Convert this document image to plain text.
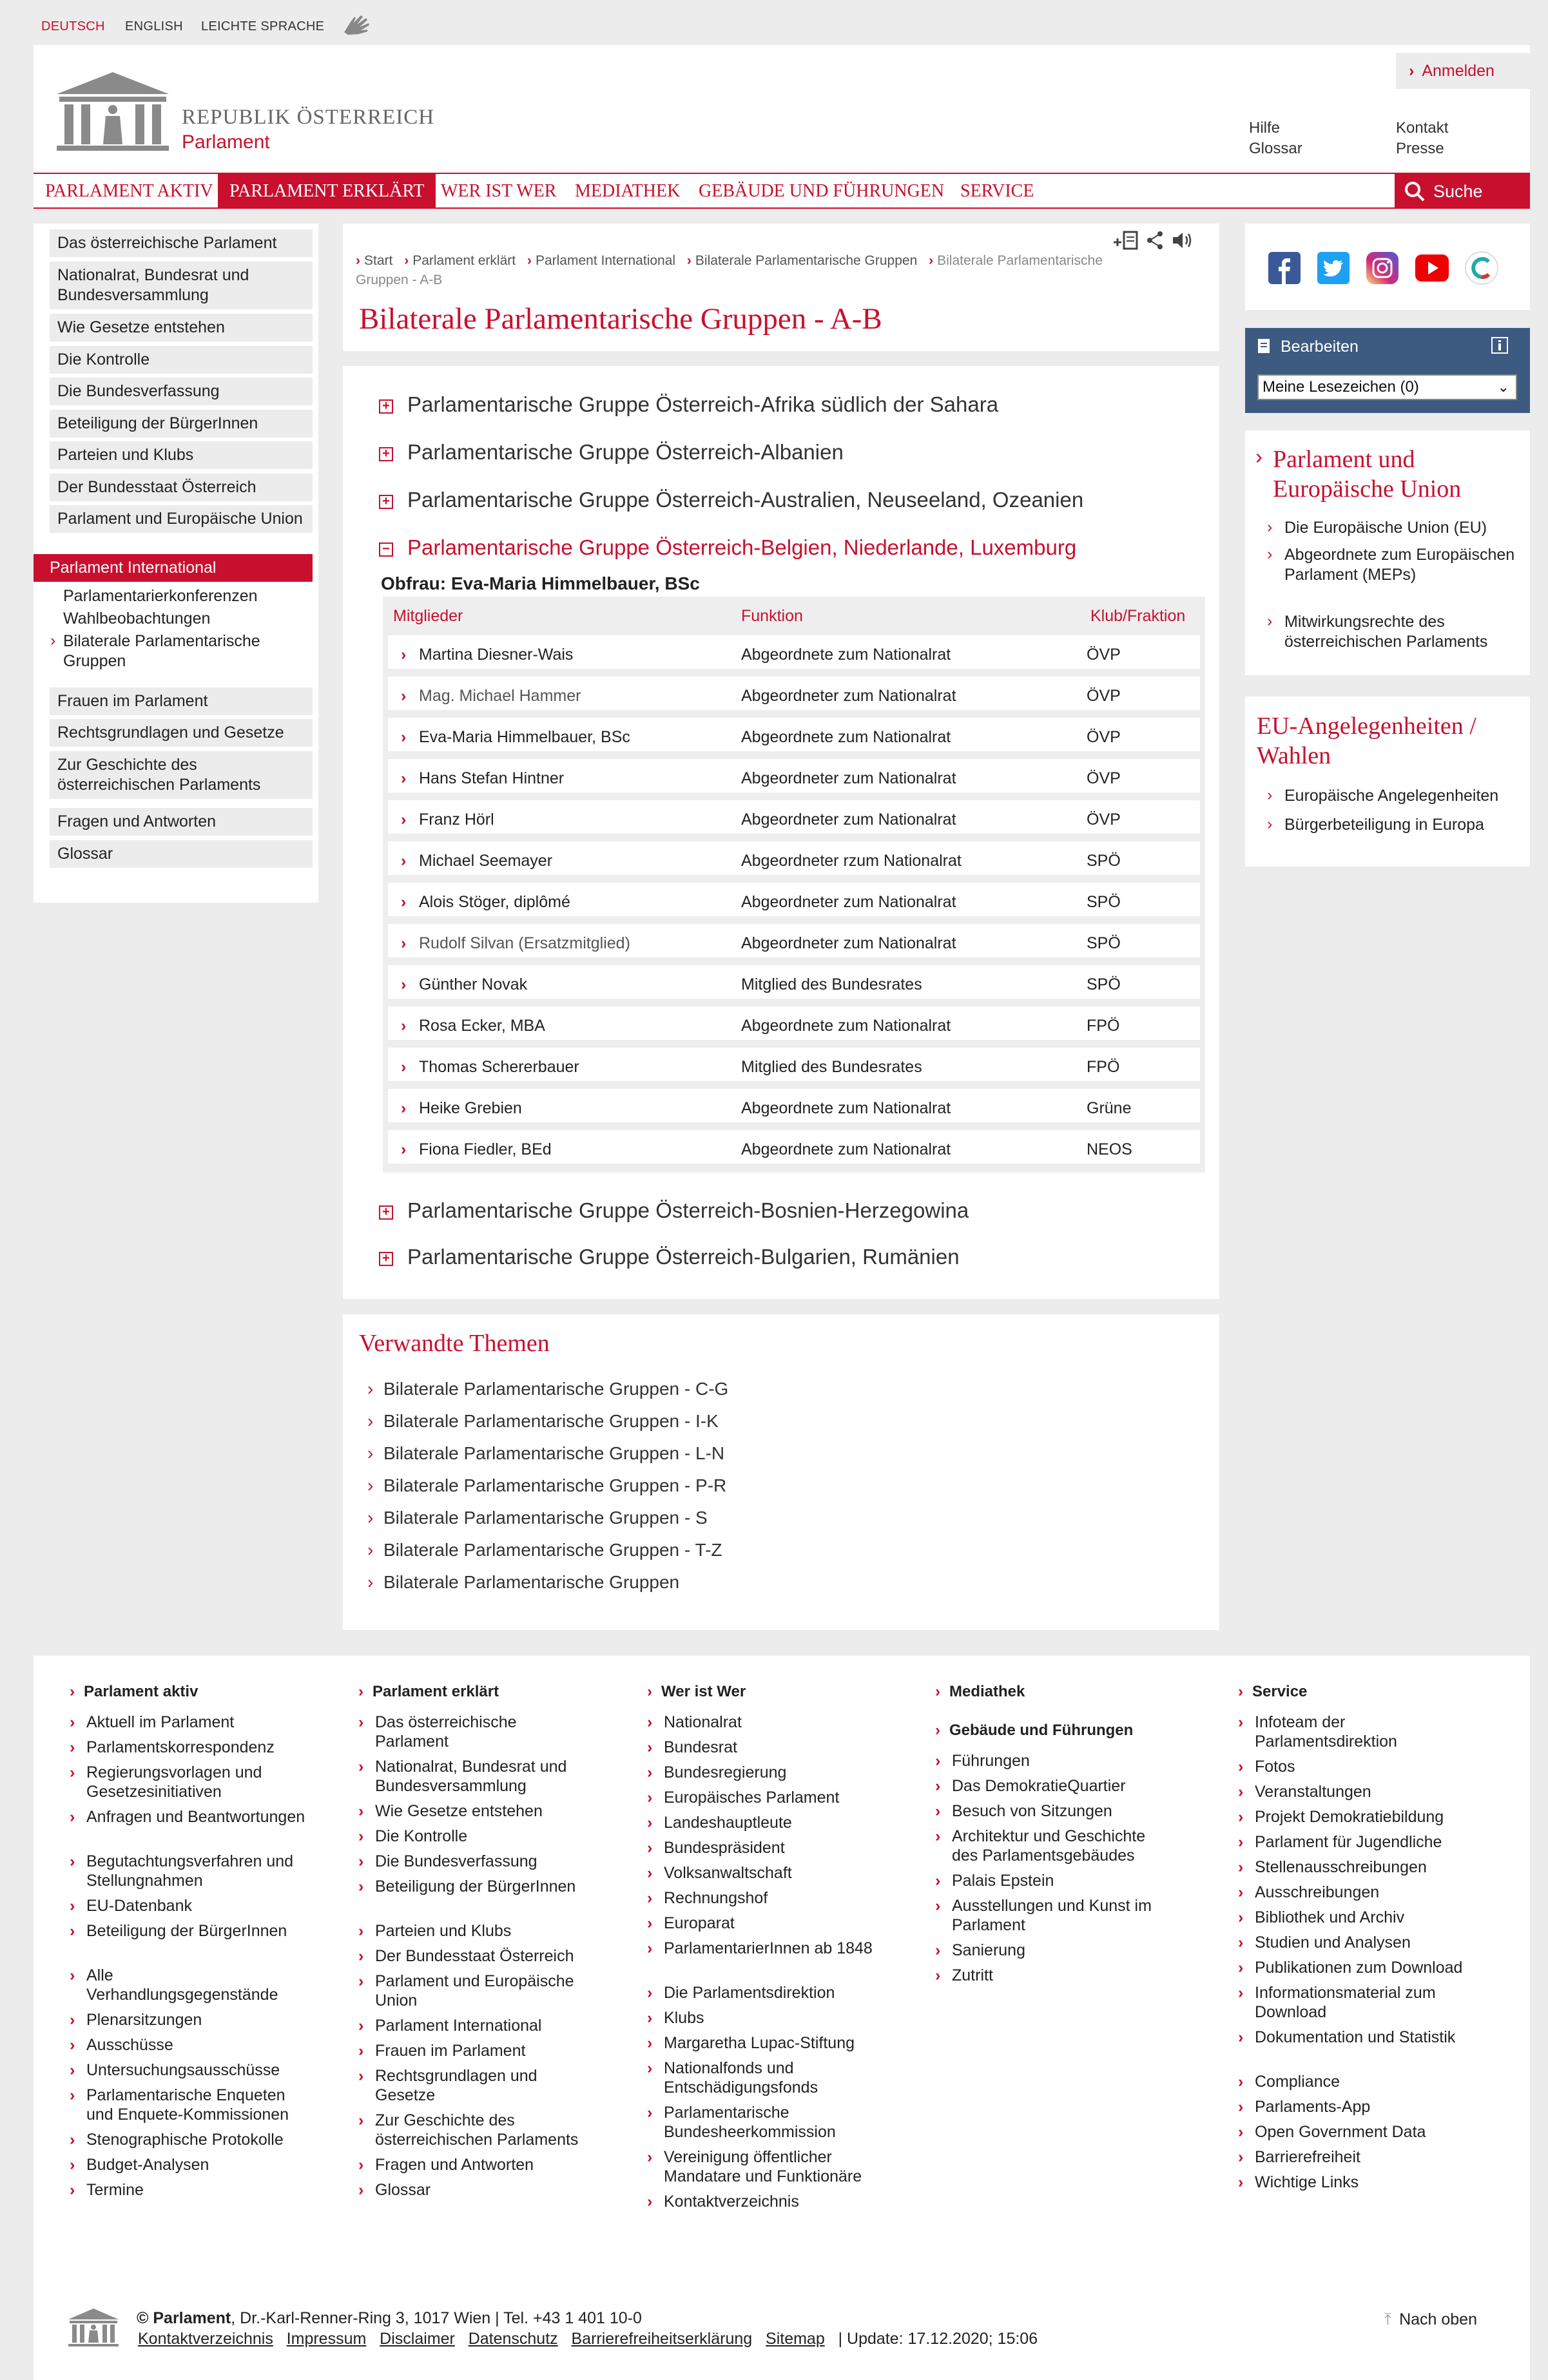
DEUTSCH ENGLISH LEICHTE SPRACHE
REPUBLIK ÖSTERREICH
Parlament
› Anmelden
Hilfe
Glossar
Kontakt
Presse
PARLAMENT AKTIV PARLAMENT ERKLÄRT WER IST WER	MEDIATHEK	GEBÄUDE UND FÜHRUNGEN SERVICE	Suche
Das österreichische Parlament
Nationalrat, Bundesrat und Bundesversammlung
Wie Gesetze entstehen
Die Kontrolle
Die Bundesverfassung
Beteiligung der BürgerInnen
Parteien und Klubs
Der Bundesstaat Österreich
Parlament und Europäische Union
Parlament International
Parlamentarierkonferenzen
Wahlbeobachtungen
› Bilaterale Parlamentarische Gruppen
Frauen im Parlament
Rechtsgrundlagen und Gesetze
Zur Geschichte des österreichischen Parlaments
Fragen und Antworten
Glossar
› Start › Parlament erklärt › Parlament International › Bilaterale Parlamentarische Gruppen › Bilaterale Parlamentarische Gruppen - A-B
Bilaterale Parlamentarische Gruppen - A-B
+ Parlamentarische Gruppe Österreich-Afrika südlich der Sahara
+ Parlamentarische Gruppe Österreich-Albanien
+ Parlamentarische Gruppe Österreich-Australien, Neuseeland, Ozeanien
− Parlamentarische Gruppe Österreich-Belgien, Niederlande, Luxemburg
Obfrau: Eva-Maria Himmelbauer, BSc
Mitglieder	Funktion	Klub/Fraktion
› Martina Diesner-Wais	Abgeordnete zum Nationalrat	ÖVP
› Mag. Michael Hammer	Abgeordneter zum Nationalrat	ÖVP
› Eva-Maria Himmelbauer, BSc	Abgeordnete zum Nationalrat	ÖVP
› Hans Stefan Hintner	Abgeordneter zum Nationalrat	ÖVP
› Franz Hörl	Abgeordneter zum Nationalrat	ÖVP
› Michael Seemayer	Abgeordneter rzum Nationalrat	SPÖ
› Alois Stöger, diplômé	Abgeordneter zum Nationalrat	SPÖ
› Rudolf Silvan (Ersatzmitglied)	Abgeordneter zum Nationalrat	SPÖ
› Günther Novak	Mitglied des Bundesrates	SPÖ
› Rosa Ecker, MBA	Abgeordnete zum Nationalrat	FPÖ
› Thomas Schererbauer	Mitglied des Bundesrates	FPÖ
› Heike Grebien	Abgeordnete zum Nationalrat	Grüne
› Fiona Fiedler, BEd	Abgeordnete zum Nationalrat	NEOS
+ Parlamentarische Gruppe Österreich-Bosnien-Herzegowina
+ Parlamentarische Gruppe Österreich-Bulgarien, Rumänien
Verwandte Themen
› Bilaterale Parlamentarische Gruppen - C-G
› Bilaterale Parlamentarische Gruppen - I-K
› Bilaterale Parlamentarische Gruppen - L-N
› Bilaterale Parlamentarische Gruppen - P-R
› Bilaterale Parlamentarische Gruppen - S
› Bilaterale Parlamentarische Gruppen - T-Z
› Bilaterale Parlamentarische Gruppen
Bearbeiten
Meine Lesezeichen (0)	⌄
› Parlament und Europäische Union
› Die Europäische Union (EU)
› Abgeordnete zum Europäischen Parlament (MEPs)
› Mitwirkungsrechte des österreichischen Parlaments
EU-Angelegenheiten / Wahlen
› Europäische Angelegenheiten
› Bürgerbeteiligung in Europa
› Parlament aktiv
› Aktuell im Parlament
› Parlamentskorrespondenz
› Regierungsvorlagen und Gesetzesinitiativen
› Anfragen und Beantwortungen
› Begutachtungsverfahren und Stellungnahmen
› EU-Datenbank
› Beteiligung der BürgerInnen
› Alle Verhandlungsgegenstände
› Plenarsitzungen
› Ausschüsse
› Untersuchungsausschüsse
› Parlamentarische Enqueten und Enquete-Kommissionen
› Stenographische Protokolle
› Budget-Analysen
› Termine
› Parlament erklärt
› Das österreichische Parlament
› Nationalrat, Bundesrat und Bundesversammlung
› Wie Gesetze entstehen
› Die Kontrolle
› Die Bundesverfassung
› Beteiligung der BürgerInnen
› Parteien und Klubs
› Der Bundesstaat Österreich
› Parlament und Europäische Union
› Parlament International
› Frauen im Parlament
› Rechtsgrundlagen und Gesetze
› Zur Geschichte des österreichischen Parlaments
› Fragen und Antworten
› Glossar
› Wer ist Wer
› Nationalrat
› Bundesrat
› Bundesregierung
› Europäisches Parlament
› Landeshauptleute
› Bundespräsident
› Volksanwaltschaft
› Rechnungshof
› Europarat
› ParlamentarierInnen ab 1848
› Die Parlamentsdirektion
› Klubs
› Margaretha Lupac-Stiftung
› Nationalfonds und Entschädigungsfonds
› Parlamentarische Bundesheerkommission
› Vereinigung öffentlicher Mandatare und Funktionäre
› Kontaktverzeichnis
› Mediathek
› Gebäude und Führungen
› Führungen
› Das DemokratieQuartier
› Besuch von Sitzungen
› Architektur und Geschichte des Parlamentsgebäudes
› Palais Epstein
› Ausstellungen und Kunst im Parlament
› Sanierung
› Zutritt
› Service
› Infoteam der Parlamentsdirektion
› Fotos
› Veranstaltungen
› Projekt Demokratiebildung
› Parlament für Jugendliche
› Stellenausschreibungen
› Ausschreibungen
› Bibliothek und Archiv
› Studien und Analysen
› Publikationen zum Download
› Informationsmaterial zum Download
› Dokumentation und Statistik
› Compliance
› Parlaments-App
› Open Government Data
› Barrierefreiheit
› Wichtige Links
© Parlament, Dr.-Karl-Renner-Ring 3, 1017 Wien | Tel. +43 1 401 10-0
Kontaktverzeichnis Impressum Disclaimer Datenschutz Barrierefreiheitserklärung Sitemap | Update: 17.12.2020; 15:06
⤒ Nach oben
